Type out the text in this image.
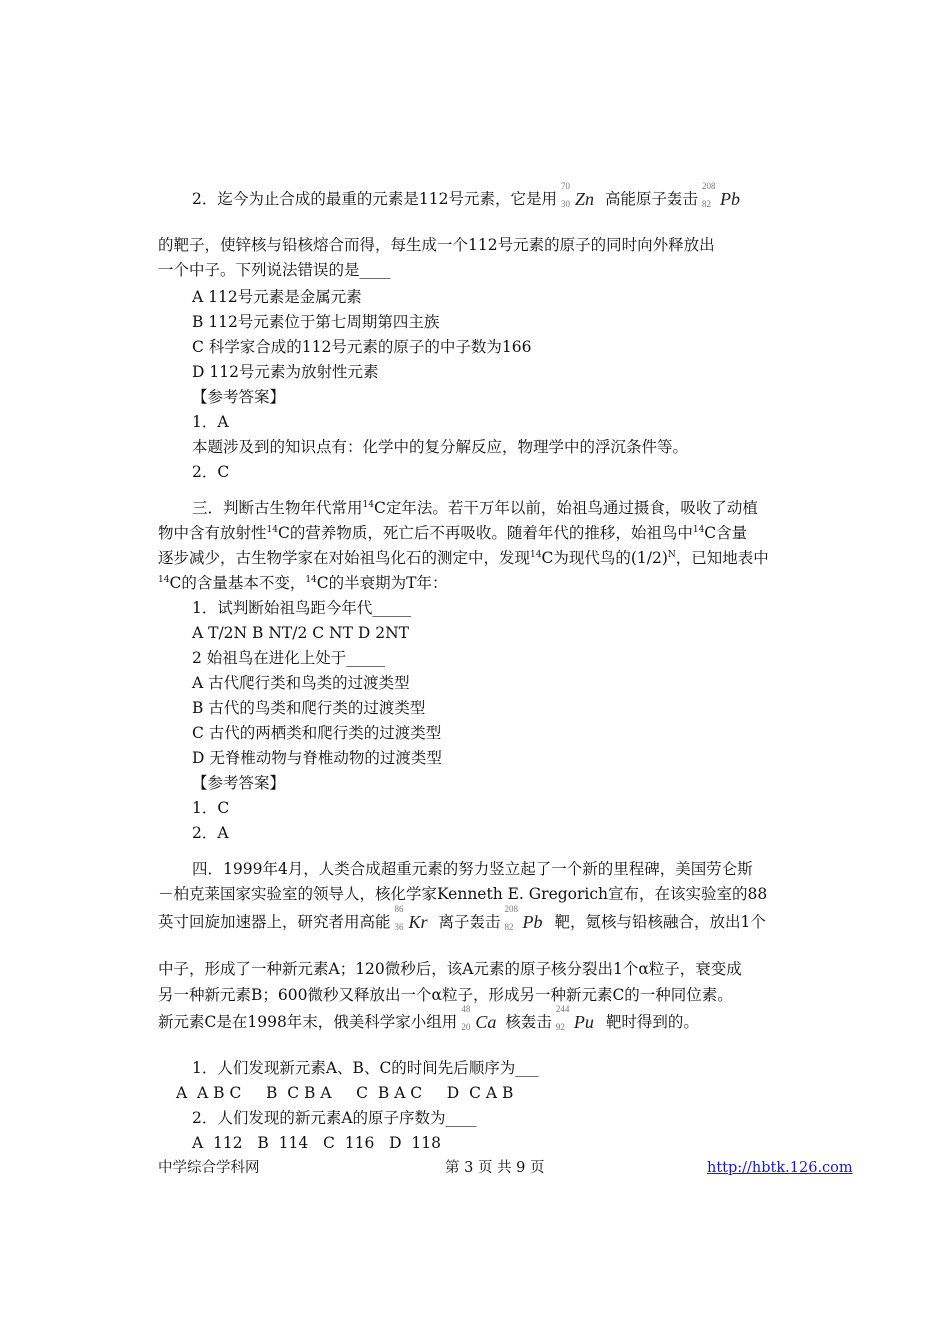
2．迄今为止合成的最重的元素是112号元素，它是用
70
30 Zn 高能原子轰击
208
82 Pb
的靶子，使锌核与铅核熔合而得，每生成一个112号元素的原子的同时向外释放出
一个中子。下列说法错误的是____
A 112号元素是金属元素
B 112号元素位于第七周期第四主族
C 科学家合成的112号元素的原子的中子数为166
D 112号元素为放射性元素
【参考答案】
1．A
本题涉及到的知识点有：化学中的复分解反应，物理学中的浮沉条件等。
2．C
三．判断古生物年代常用$^{14}$C定年法。若干万年以前，始祖鸟通过摄食，吸收了动植
物中含有放射性$^{14}$C的营养物质，死亡后不再吸收。随着年代的推移，始祖鸟中$^{14}$C含量
逐步减少，古生物学家在对始祖鸟化石的测定中，发现$^{14}$C为现代鸟的$(1/2)^N$，已知地表中
$^{14}$C的含量基本不变，$^{14}$C的半衰期为T年：
1．试判断始祖鸟距今年代_____
A T/2N B NT/2 C NT D 2NT
2 始祖鸟在进化上处于_____
A 古代爬行类和鸟类的过渡类型
B 古代的鸟类和爬行类的过渡类型
C 古代的两栖类和爬行类的过渡类型
D 无脊椎动物与脊椎动物的过渡类型
【参考答案】
1．C
2．A
四．1999年4月，人类合成超重元素的努力竖立起了一个新的里程碑，美国劳仑斯
－柏克莱国家实验室的领导人，核化学家Kenneth E. Gregorich宣布，在该实验室的88
英寸回旋加速器上，研究者用高能
86
36 Kr 离子轰击
208
82 Pb 靶，氪核与铅核融合，放出1个
中子，形成了一种新元素A；120微秒后，该A元素的原子核分裂出1个α粒子，衰变成
另一种新元素B；600微秒又释放出一个α粒子，形成另一种新元素C的一种同位素。
新元素C是在1998年末，俄美科学家小组用
48
20 Ca 核轰击
244
92 Pu 靶时得到的。
1．人们发现新元素A、B、C的时间先后顺序为___
A  A B C     B  C B A     C  B A C     D  C A B
2．人们发现的新元素A的原子序数为____
A  112   B  114   C  116   D  118
中学综合学科网	第 3 页 共 9 页	http://hbtk.126.com
